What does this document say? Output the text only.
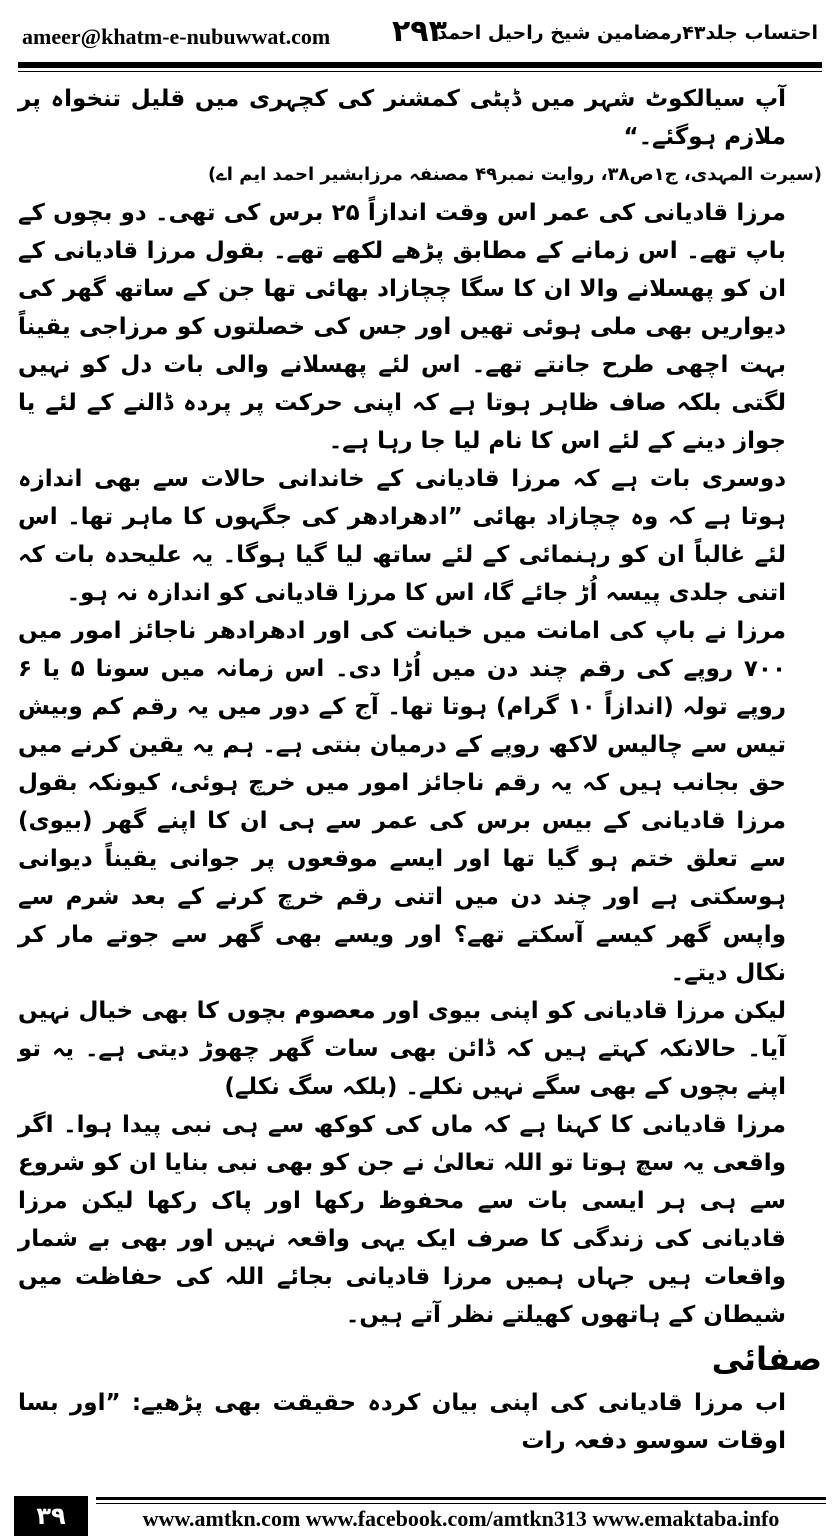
ameer@khatm-e-nubuwwat.com ۲۹۳
احتساب جلد۴۳رمضامین شیخ راحیل احمد

آپ سیالکوٹ شہر میں ڈپٹی کمشنر کی کچہری میں قلیل تنخواہ پر ملازم ہوگئے۔“

(سیرت المہدی، ج۱ص۳۸، روایت نمبر۴۹ مصنفہ مرزابشیر احمد ایم اے)

مرزا قادیانی کی عمر اس وقت اندازاً ۲۵ برس کی تھی۔ دو بچوں کے باپ تھے۔ اس زمانے کے مطابق پڑھے لکھے تھے۔ بقول مرزا قادیانی کے ان کو پھسلانے والا ان کا سگا چچازاد بھائی تھا جن کے ساتھ گھر کی دیواریں بھی ملی ہوئی تھیں اور جس کی خصلتوں کو مرزاجی یقیناً بہت اچھی طرح جانتے تھے۔ اس لئے پھسلانے والی بات دل کو نہیں لگتی بلکہ صاف ظاہر ہوتا ہے کہ اپنی حرکت پر پردہ ڈالنے کے لئے یا جواز دینے کے لئے اس کا نام لیا جا رہا ہے۔

دوسری بات ہے کہ مرزا قادیانی کے خاندانی حالات سے بھی اندازہ ہوتا ہے کہ وہ چچازاد بھائی ”ادھرادھر کی جگہوں کا ماہر تھا۔ اس لئے غالباً ان کو رہنمائی کے لئے ساتھ لیا گیا ہوگا۔ یہ علیحدہ بات کہ اتنی جلدی پیسہ اُڑ جائے گا، اس کا مرزا قادیانی کو اندازہ نہ ہو۔

مرزا نے باپ کی امانت میں خیانت کی اور ادھرادھر ناجائز امور میں ۷۰۰ روپے کی رقم چند دن میں اُڑا دی۔ اس زمانہ میں سونا ۵ یا ۶ روپے تولہ (اندازاً ۱۰ گرام) ہوتا تھا۔ آج کے دور میں یہ رقم کم وبیش تیس سے چالیس لاکھ روپے کے درمیان بنتی ہے۔ ہم یہ یقین کرنے میں حق بجانب ہیں کہ یہ رقم ناجائز امور میں خرچ ہوئی، کیونکہ بقول مرزا قادیانی کے بیس برس کی عمر سے ہی ان کا اپنے گھر (بیوی) سے تعلق ختم ہو گیا تھا اور ایسے موقعوں پر جوانی یقیناً دیوانی ہوسکتی ہے اور چند دن میں اتنی رقم خرچ کرنے کے بعد شرم سے واپس گھر کیسے آسکتے تھے؟ اور ویسے بھی گھر سے جوتے مار کر نکال دیتے۔

لیکن مرزا قادیانی کو اپنی بیوی اور معصوم بچوں کا بھی خیال نہیں آیا۔ حالانکہ کہتے ہیں کہ ڈائن بھی سات گھر چھوڑ دیتی ہے۔ یہ تو اپنے بچوں کے بھی سگے نہیں نکلے۔ (بلکہ سگ نکلے)

مرزا قادیانی کا کہنا ہے کہ ماں کی کوکھ سے ہی نبی پیدا ہوا۔ اگر واقعی یہ سچ ہوتا تو اللہ تعالیٰ نے جن کو بھی نبی بنایا ان کو شروع سے ہی ہر ایسی بات سے محفوظ رکھا اور پاک رکھا لیکن مرزا قادیانی کی زندگی کا صرف ایک یہی واقعہ نہیں اور بھی بے شمار واقعات ہیں جہاں ہمیں مرزا قادیانی بجائے اللہ کی حفاظت میں شیطان کے ہاتھوں کھیلتے نظر آتے ہیں۔

صفائی

اب مرزا قادیانی کی اپنی بیان کردہ حقیقت بھی پڑھیے: ”اور بسا اوقات سوسو دفعہ رات

۳۹	www.amtkn.com www.facebook.com/amtkn313 www.emaktaba.info
